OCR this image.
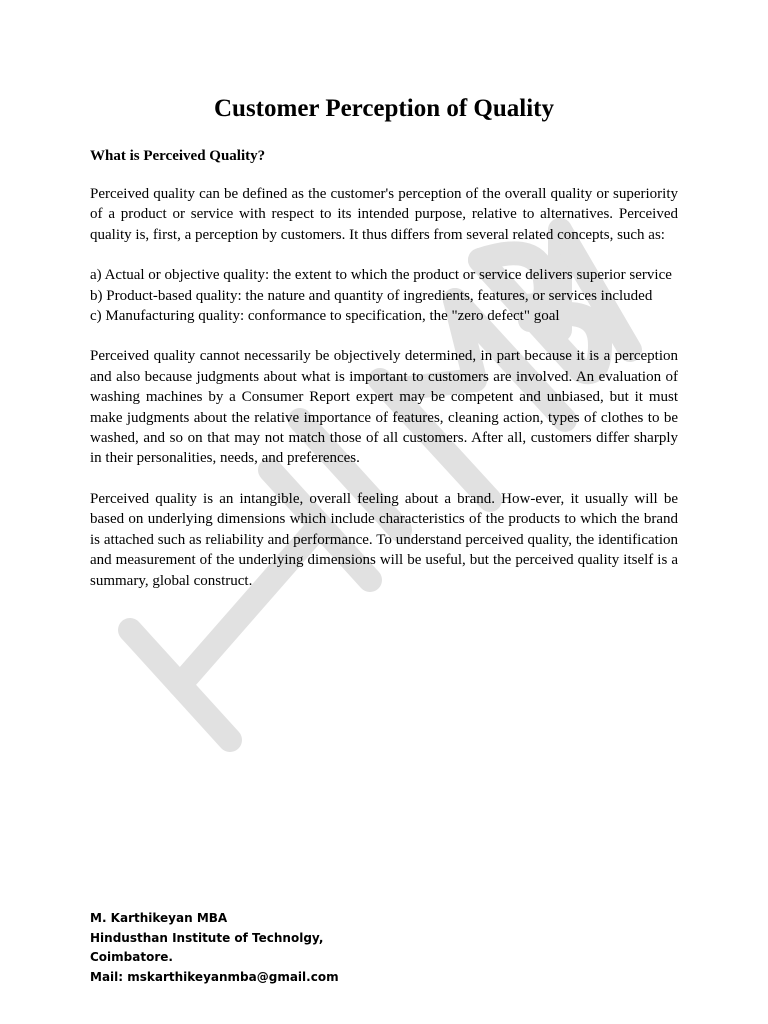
Customer Perception of Quality
What is Perceived Quality?

Perceived quality can be defined as the customer's perception of the overall quality or superiority of a product or service with respect to its intended purpose, relative to alternatives. Perceived quality is, first, a perception by customers. It thus differs from several related concepts, such as:

a) Actual or objective quality: the extent to which the product or service delivers superior service

b) Product-based quality: the nature and quantity of ingredients, features, or services included

c) Manufacturing quality: conformance to specification, the "zero defect" goal

Perceived quality cannot necessarily be objectively determined, in part because it is a perception and also because judgments about what is important to customers are involved. An evaluation of washing machines by a Consumer Report expert may be competent and unbiased, but it must make judgments about the relative importance of features, cleaning action, types of clothes to be washed, and so on that may not match those of all customers. After all, customers differ sharply in their personalities, needs, and preferences.

Perceived quality is an intangible, overall feeling about a brand. How-ever, it usually will be based on underlying dimensions which include characteristics of the products to which the brand is attached such as reliability and performance. To understand perceived quality, the identification and measurement of the underlying dimensions will be useful, but the perceived quality itself is a summary, global construct.

M. Karthikeyan MBA
Hindusthan Institute of Technolgy,
Coimbatore.
Mail: mskarthikeyanmba@gmail.com
